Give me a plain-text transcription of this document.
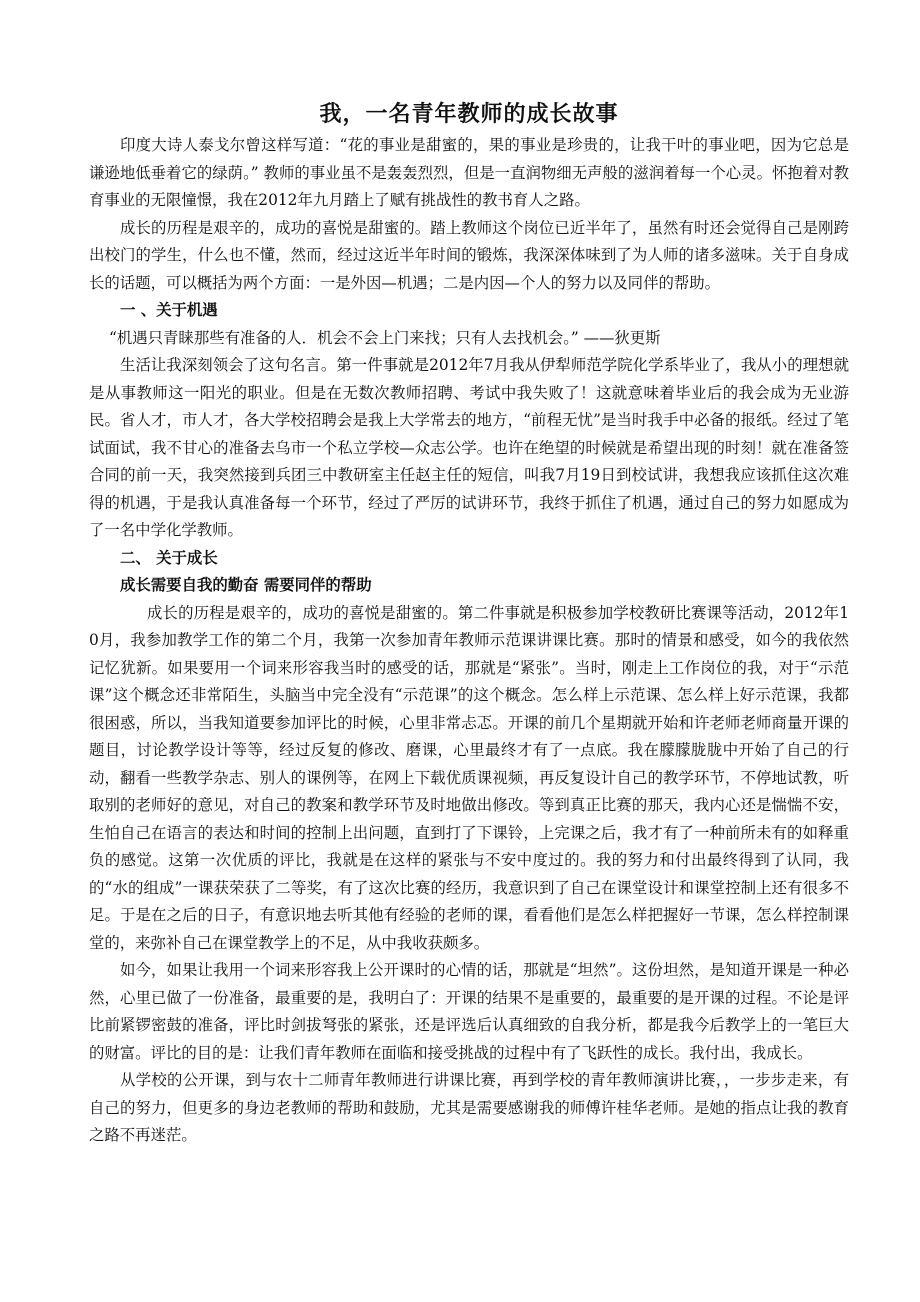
我，一名青年教师的成长故事

印度大诗人泰戈尔曾这样写道：“花的事业是甜蜜的，果的事业是珍贵的，让我干叶的事业吧，因为它总是谦逊地低垂着它的绿荫。” 教师的事业虽不是轰轰烈烈，但是一直润物细无声般的滋润着每一个心灵。怀抱着对教育事业的无限憧憬，我在2012年九月踏上了赋有挑战性的教书育人之路。

成长的历程是艰辛的，成功的喜悦是甜蜜的。踏上教师这个岗位已近半年了，虽然有时还会觉得自己是刚跨出校门的学生，什么也不懂，然而，经过这近半年时间的锻炼，我深深体味到了为人师的诸多滋味。关于自身成长的话题，可以概括为两个方面：一是外因—机遇；二是内因—个人的努力以及同伴的帮助。

一 、关于机遇
“机遇只青睐那些有准备的人．机会不会上门来找；只有人去找机会。” ——狄更斯

生活让我深刻领会了这句名言。第一件事就是2012年7月我从伊犁师范学院化学系毕业了，我从小的理想就是从事教师这一阳光的职业。但是在无数次教师招聘、考试中我失败了！这就意味着毕业后的我会成为无业游民。省人才，市人才，各大学校招聘会是我上大学常去的地方，“前程无忧”是当时我手中必备的报纸。经过了笔试面试，我不甘心的准备去乌市一个私立学校—众志公学。也许在绝望的时候就是希望出现的时刻！就在准备签合同的前一天，我突然接到兵团三中教研室主任赵主任的短信，叫我7月19日到校试讲，我想我应该抓住这次难得的机遇，于是我认真准备每一个环节，经过了严厉的试讲环节，我终于抓住了机遇，通过自己的努力如愿成为了一名中学化学教师。

二、 关于成长
成长需要自我的勤奋 需要同伴的帮助

成长的历程是艰辛的，成功的喜悦是甜蜜的。第二件事就是积极参加学校教研比赛课等活动，2012年10月，我参加教学工作的第二个月，我第一次参加青年教师示范课讲课比赛。那时的情景和感受，如今的我依然记忆犹新。如果要用一个词来形容我当时的感受的话，那就是“紧张”。当时，刚走上工作岗位的我，对于“示范课”这个概念还非常陌生，头脑当中完全没有“示范课”的这个概念。怎么样上示范课、怎么样上好示范课，我都很困惑，所以，当我知道要参加评比的时候，心里非常忐忑。开课的前几个星期就开始和许老师老师商量开课的题目，讨论教学设计等等，经过反复的修改、磨课，心里最终才有了一点底。我在朦朦胧胧中开始了自己的行动，翻看一些教学杂志、别人的课例等，在网上下载优质课视频，再反复设计自己的教学环节，不停地试教，听取别的老师好的意见，对自己的教案和教学环节及时地做出修改。等到真正比赛的那天，我内心还是惴惴不安，生怕自己在语言的表达和时间的控制上出问题，直到打了下课铃，上完课之后，我才有了一种前所未有的如释重负的感觉。这第一次优质的评比，我就是在这样的紧张与不安中度过的。我的努力和付出最终得到了认同，我的“水的组成”一课获荣获了二等奖，有了这次比赛的经历，我意识到了自己在课堂设计和课堂控制上还有很多不足。于是在之后的日子，有意识地去听其他有经验的老师的课，看看他们是怎么样把握好一节课，怎么样控制课堂的，来弥补自己在课堂教学上的不足，从中我收获颇多。

如今，如果让我用一个词来形容我上公开课时的心情的话，那就是“坦然”。这份坦然，是知道开课是一种必然，心里已做了一份准备，最重要的是，我明白了：开课的结果不是重要的，最重要的是开课的过程。不论是评比前紧锣密鼓的准备，评比时剑拔弩张的紧张，还是评选后认真细致的自我分析，都是我今后教学上的一笔巨大的财富。评比的目的是：让我们青年教师在面临和接受挑战的过程中有了飞跃性的成长。我付出，我成长。

从学校的公开课，到与农十二师青年教师进行讲课比赛，再到学校的青年教师演讲比赛，，一步步走来，有自己的努力，但更多的身边老教师的帮助和鼓励，尤其是需要感谢我的师傅许桂华老师。是她的指点让我的教育之路不再迷茫。
